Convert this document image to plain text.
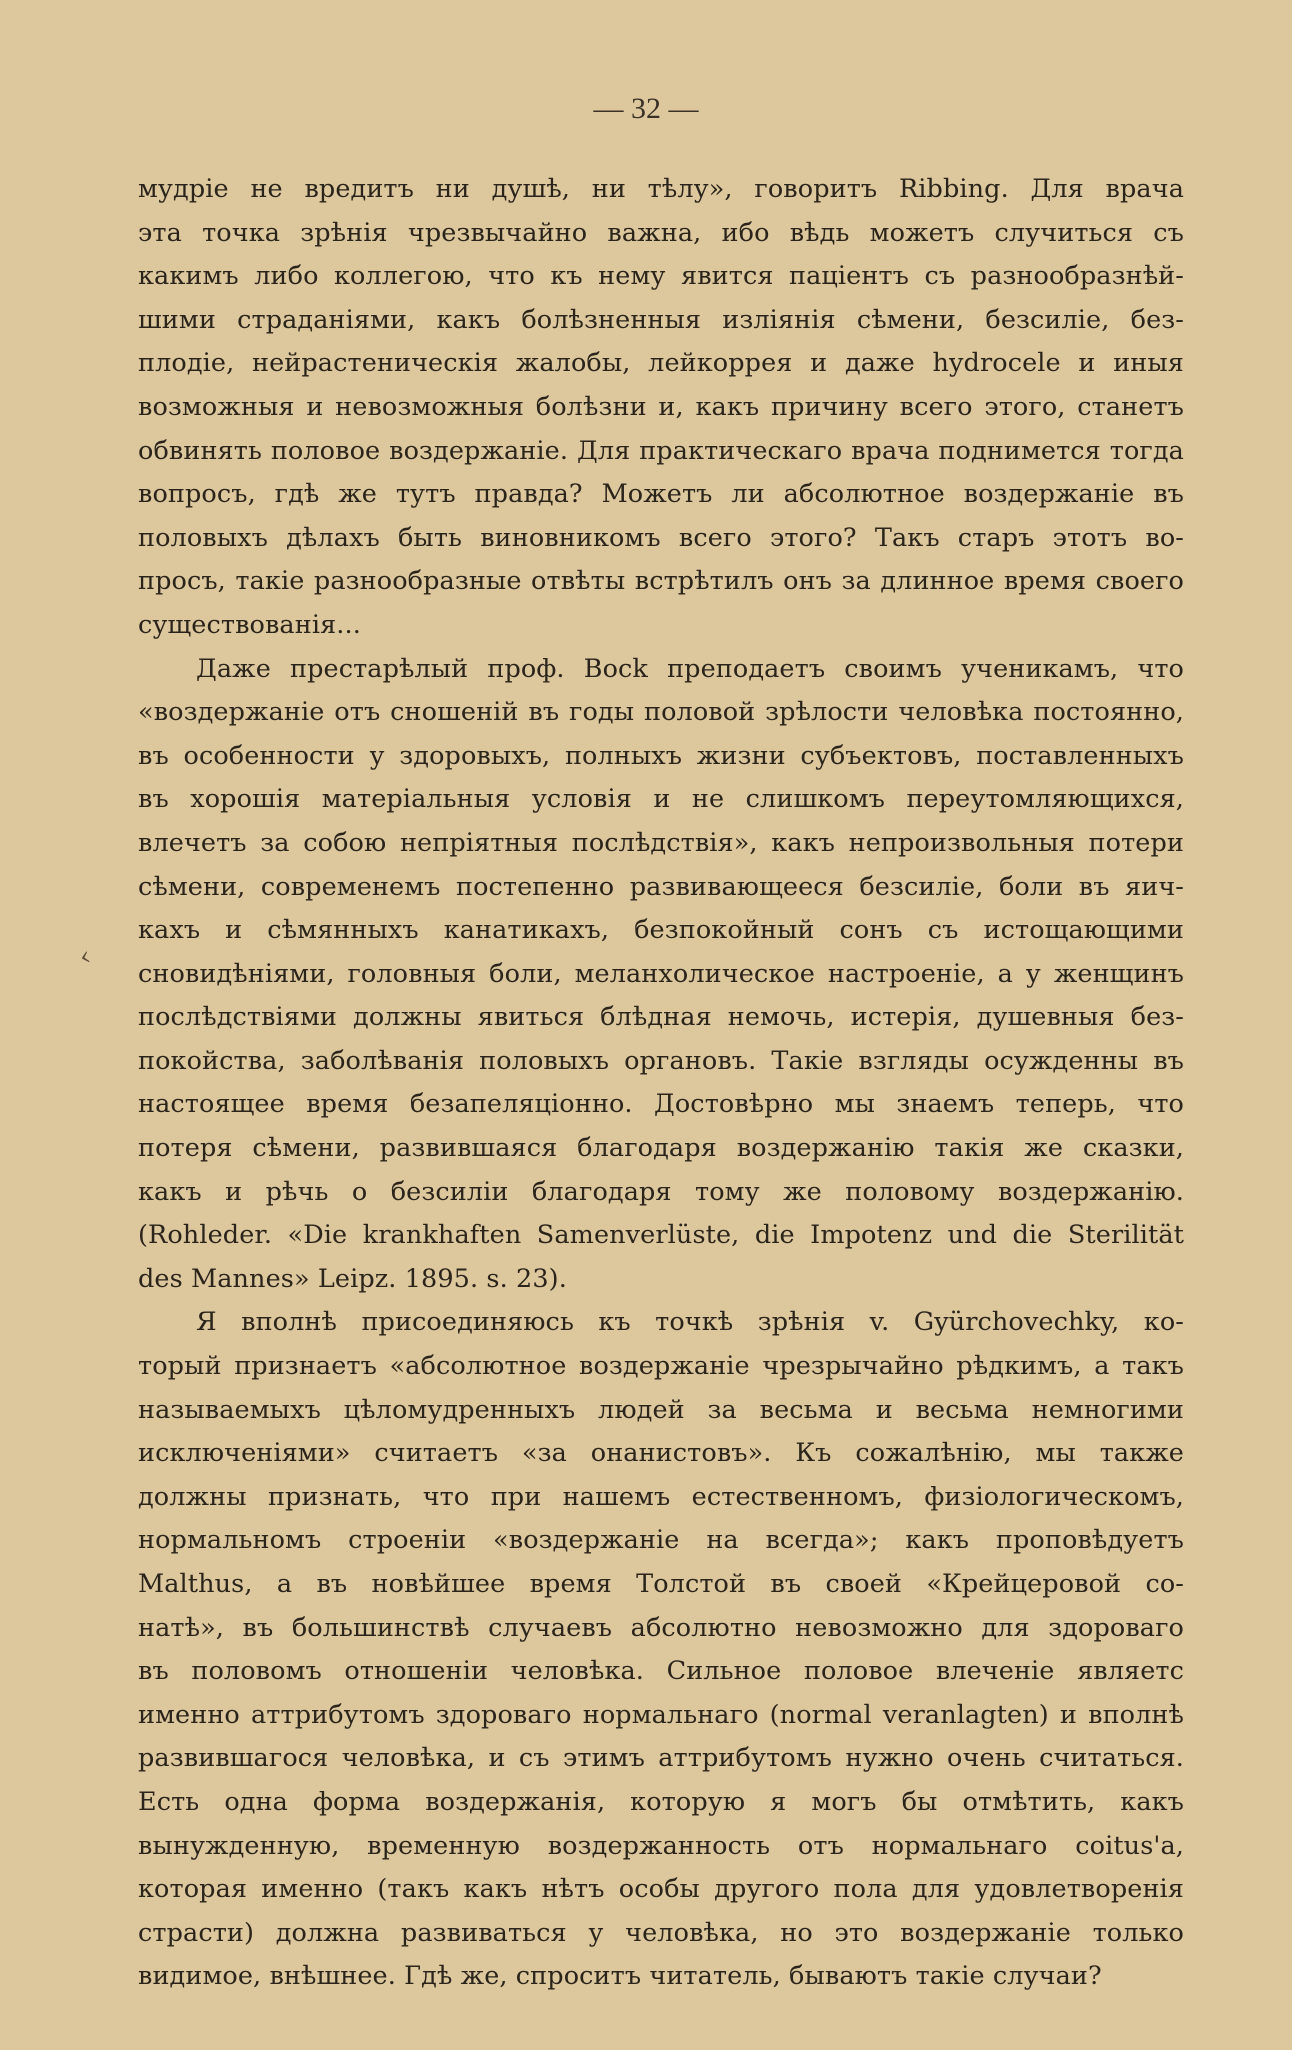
— 32 —
‹
мудріе не вредитъ ни душѣ, ни тѣлу», говоритъ Ribbing. Для врача
эта точка зрѣнія чрезвычайно важна, ибо вѣдь можетъ случиться съ
какимъ либо коллегою, что къ нему явится паціентъ съ разнообразнѣй-
шими страданіями, какъ болѣзненныя изліянія сѣмени, безсиліе, без-
плодіе, нейрастеническія жалобы, лейкоррея и даже hydrocele и иныя
возможныя и невозможныя болѣзни и, какъ причину всего этого, станетъ
обвинять половое воздержаніе. Для практическаго врача поднимется тогда
вопросъ, гдѣ же тутъ правда? Можетъ ли абсолютное воздержаніе въ
половыхъ дѣлахъ быть виновникомъ всего этого? Такъ старъ этотъ во-
просъ, такіе разнообразные отвѣты встрѣтилъ онъ за длинное время своего
существованія...
Даже престарѣлый проф. Bock преподаетъ своимъ ученикамъ, что
«воздержаніе отъ сношеній въ годы половой зрѣлости человѣка постоянно,
въ особенности у здоровыхъ, полныхъ жизни субъектовъ, поставленныхъ
въ хорошія матеріальныя условія и не слишкомъ переутомляющихся,
влечетъ за собою непріятныя послѣдствія», какъ непроизвольныя потери
сѣмени, современемъ постепенно развивающееся безсиліе, боли въ яич-
кахъ и сѣмянныхъ канатикахъ, безпокойный сонъ съ истощающими
сновидѣніями, головныя боли, меланхолическое настроеніе, а у женщинъ
послѣдствіями должны явиться блѣдная немочь, истерія, душевныя без-
покойства, заболѣванія половыхъ органовъ. Такіе взгляды осужденны въ
настоящее время безапеляціонно. Достовѣрно мы знаемъ теперь, что
потеря сѣмени, развившаяся благодаря воздержанію такія же сказки,
какъ и рѣчь о безсиліи благодаря тому же половому воздержанію.
(Rohleder. «Die krankhaften Samenverlüste, die Impotenz und die Sterilität
des Mannes» Leipz. 1895. s. 23).
Я вполнѣ присоединяюсь къ точкѣ зрѣнія v. Gyürchovechky, ко-
торый признаетъ «абсолютное воздержаніе чрезрычайно рѣдкимъ, а такъ
называемыхъ цѣломудренныхъ людей за весьма и весьма немногими
исключеніями» считаетъ «за онанистовъ». Къ сожалѣнію, мы также
должны признать, что при нашемъ естественномъ, физіологическомъ,
нормальномъ строеніи «воздержаніе на всегда»; какъ проповѣдуетъ
Malthus, а въ новѣйшее время Толстой въ своей «Крейцеровой со-
натѣ», въ большинствѣ случаевъ абсолютно невозможно для здороваго
въ половомъ отношеніи человѣка. Сильное половое влеченіе являетс
именно аттрибутомъ здороваго нормальнаго (normal veranlagten) и вполнѣ
развившагося человѣка, и съ этимъ аттрибутомъ нужно очень считаться.
Есть одна форма воздержанія, которую я могъ бы отмѣтить, какъ
вынужденную, временную воздержанность отъ нормальнаго coitus'а,
которая именно (такъ какъ нѣтъ особы другого пола для удовлетворенія
страсти) должна развиваться у человѣка, но это воздержаніе только
видимое, внѣшнее. Гдѣ же, спроситъ читатель, бываютъ такіе случаи?
